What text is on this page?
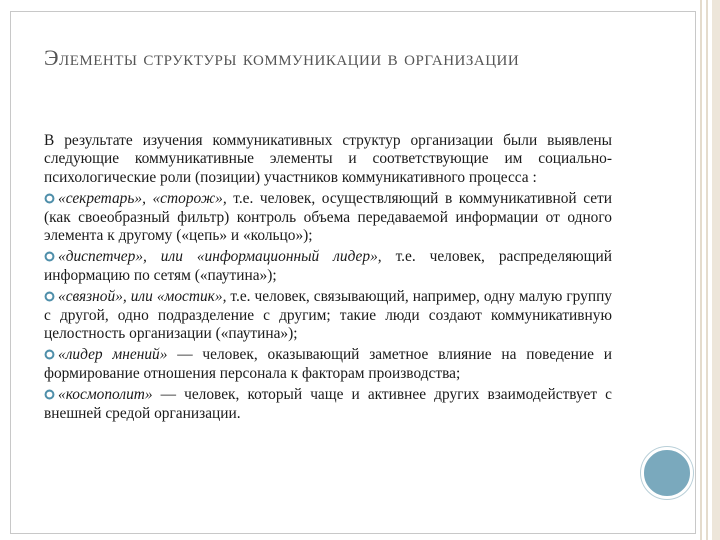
Элементы структуры коммуникации в организации

В результате изучения коммуникативных структур организации были выявлены следующие коммуникативные элементы и соответствующие им социально-психологические роли (позиции) участников коммуникативного процесса :

«секретарь», «сторож», т.е. человек, осуществляющий в коммуникативной сети (как своеобразный фильтр) контроль объема передаваемой информации от одного элемента к другому («цепь» и «кольцо»);

«диспетчер», или «информационный лидер», т.е. человек, распределяющий информацию по сетям («паутина»);

«связной», или «мостик», т.е. человек, связывающий, например, одну малую группу с другой, одно подразделение с другим; такие люди создают коммуникативную целостность организации («паутина»);

«лидер мнений» — человек, оказывающий заметное влияние на поведение и формирование отношения персонала к факторам производства;

«космополит» — человек, который чаще и активнее других взаимодействует с внешней средой организации.
